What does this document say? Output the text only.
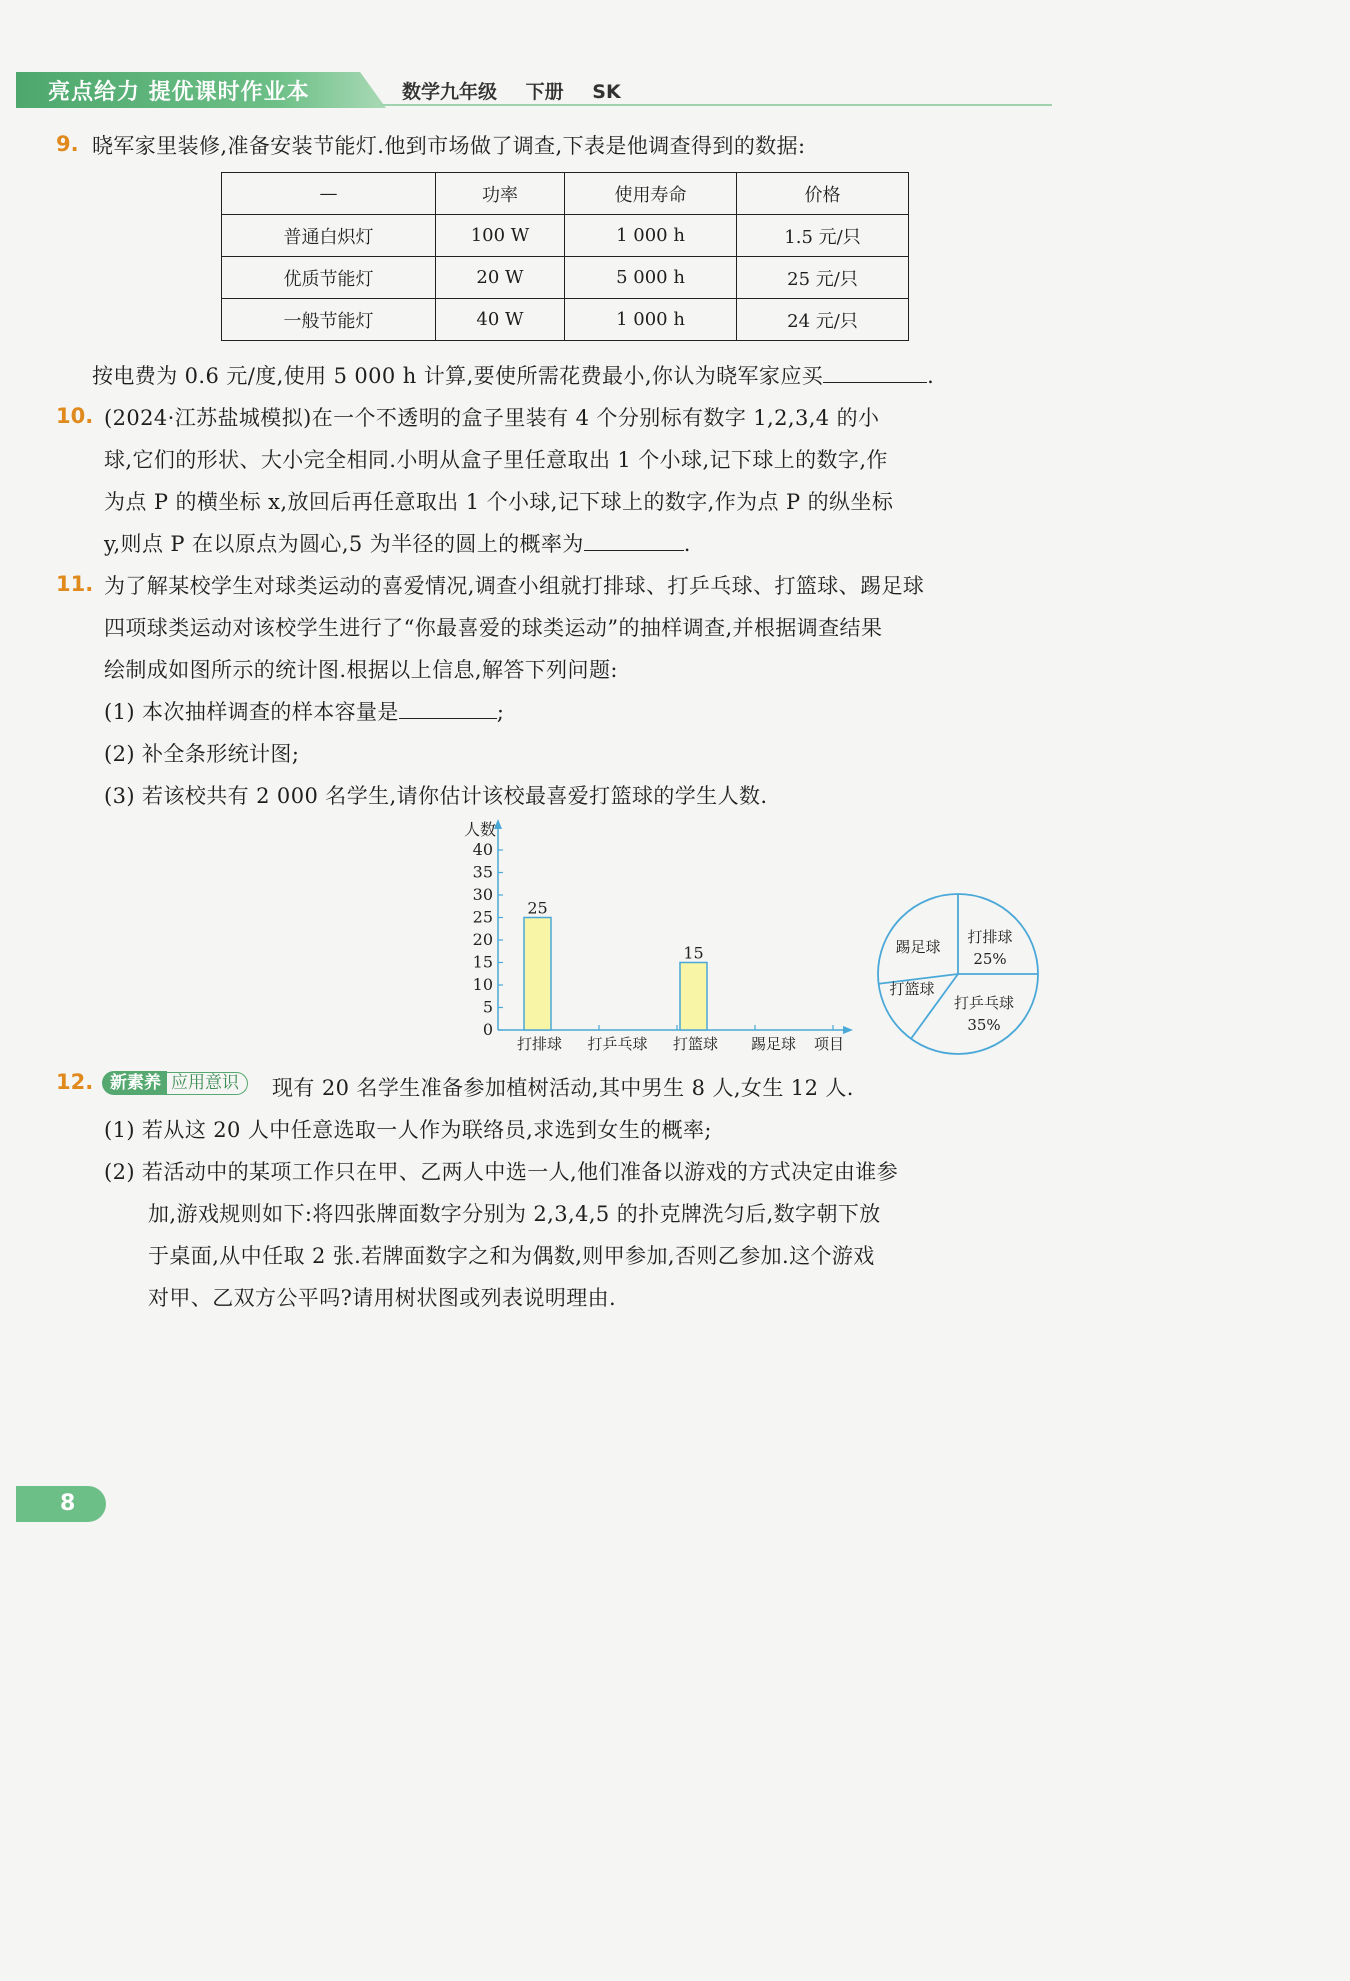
亮点给力 提优课时作业本	数学九年级 下册 SK
9. 晓军家里装修,准备安装节能灯.他到市场做了调查,下表是他调查得到的数据:
—	功率	使用寿命	价格
普通白炽灯	100 W	1 000 h	1.5 元/只
优质节能灯	20 W	5 000 h	25 元/只
一般节能灯	40 W	1 000 h	24 元/只
按电费为 0.6 元/度,使用 5 000 h 计算,要使所需花费最小,你认为晓军家应买	.
10. (2024·江苏盐城模拟)在一个不透明的盒子里装有 4 个分别标有数字 1,2,3,4 的小
球,它们的形状、大小完全相同.小明从盒子里任意取出 1 个小球,记下球上的数字,作
为点 P 的横坐标 x,放回后再任意取出 1 个小球,记下球上的数字,作为点 P 的纵坐标
y,则点 P 在以原点为圆心,5 为半径的圆上的概率为	.
11. 为了解某校学生对球类运动的喜爱情况,调查小组就打排球、打乒乓球、打篮球、踢足球
四项球类运动对该校学生进行了“你最喜爱的球类运动”的抽样调查,并根据调查结果
绘制成如图所示的统计图.根据以上信息,解答下列问题:
(1) 本次抽样调查的样本容量是	;
(2) 补全条形统计图;
(3) 若该校共有 2 000 名学生,请你估计该校最喜爱打篮球的学生人数.
0
5
10
15
20
25
30
35
40
人数
25
打排球 打乒乓球
15
打篮球 踢足球 项目
打排球
25%
打乒乓球
35%
打篮球
踢足球
12. 新素养 应用意识	现有 20 名学生准备参加植树活动,其中男生 8 人,女生 12 人.
(1) 若从这 20 人中任意选取一人作为联络员,求选到女生的概率;
(2) 若活动中的某项工作只在甲、乙两人中选一人,他们准备以游戏的方式决定由谁参
加,游戏规则如下:将四张牌面数字分别为 2,3,4,5 的扑克牌洗匀后,数字朝下放
于桌面,从中任取 2 张.若牌面数字之和为偶数,则甲参加,否则乙参加.这个游戏
对甲、乙双方公平吗?请用树状图或列表说明理由.
8
